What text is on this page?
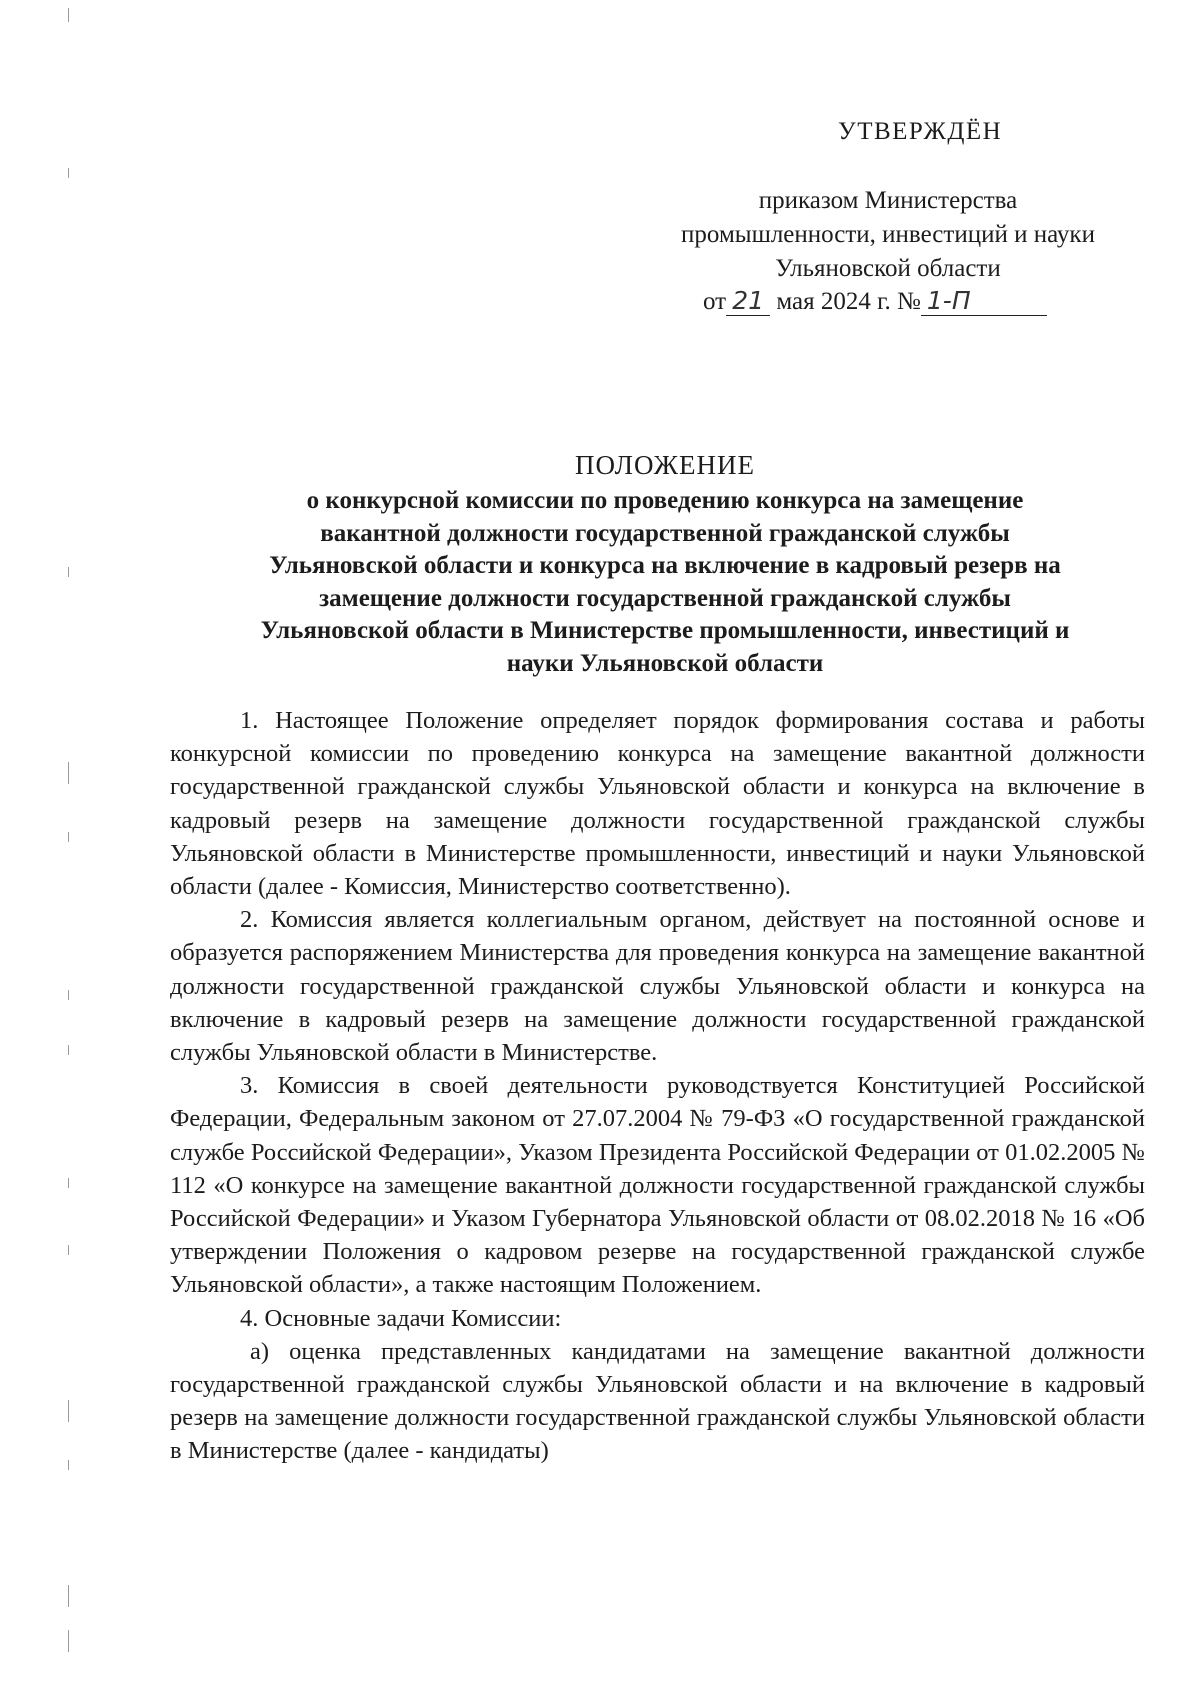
УТВЕРЖДЁН
приказом Министерства
промышленности, инвестиций и науки
Ульяновской области
от 21 мая 2024 г. № 1-П
ПОЛОЖЕНИЕ
о конкурсной комиссии по проведению конкурса на замещение
вакантной должности государственной гражданской службы
Ульяновской области и конкурса на включение в кадровый резерв на
замещение должности государственной гражданской службы
Ульяновской области в Министерстве промышленности, инвестиций и
науки Ульяновской области

1. Настоящее Положение определяет порядок формирования состава и работы конкурсной комиссии по проведению конкурса на замещение вакантной должности государственной гражданской службы Ульяновской области и конкурса на включение в кадровый резерв на замещение должности государственной гражданской службы Ульяновской области в Министерстве промышленности, инвестиций и науки Ульяновской области (далее - Комиссия, Министерство соответственно).

2. Комиссия является коллегиальным органом, действует на постоянной основе и образуется распоряжением Министерства для проведения конкурса на замещение вакантной должности государственной гражданской службы Ульяновской области и конкурса на включение в кадровый резерв на замещение должности государственной гражданской службы Ульяновской области в Министерстве.

3. Комиссия в своей деятельности руководствуется Конституцией Российской Федерации, Федеральным законом от 27.07.2004 № 79-ФЗ «О государственной гражданской службе Российской Федерации», Указом Президента Российской Федерации от 01.02.2005 № 112 «О конкурсе на замещение вакантной должности государственной гражданской службы Российской Федерации» и Указом Губернатора Ульяновской области от 08.02.2018 № 16 «Об утверждении Положения о кадровом резерве на государственной гражданской службе Ульяновской области», а также настоящим Положением.

4. Основные задачи Комиссии:

а) оценка представленных кандидатами на замещение вакантной должности государственной гражданской службы Ульяновской области и на включение в кадровый резерв на замещение должности государственной гражданской службы Ульяновской области в Министерстве (далее - кандидаты)
